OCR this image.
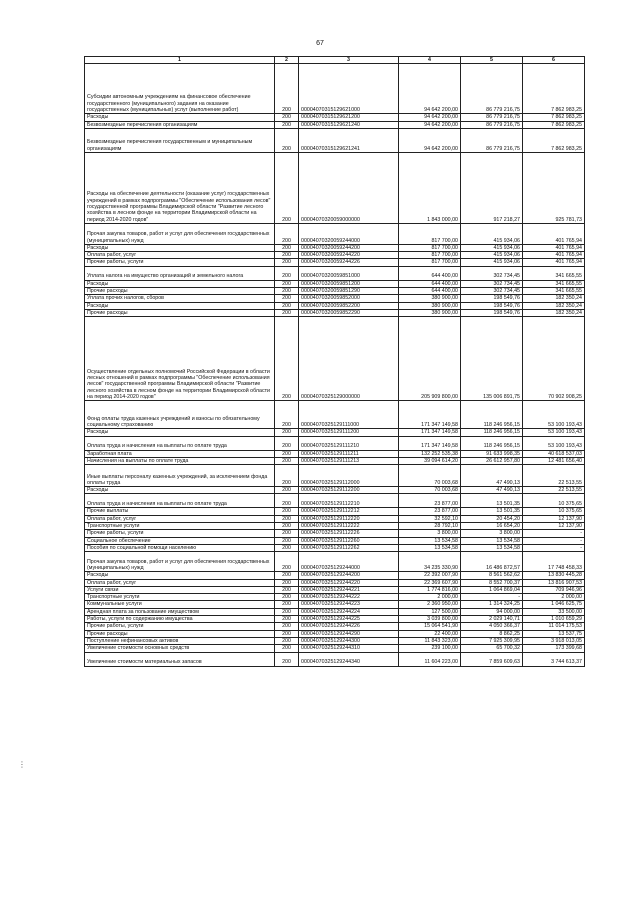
67
1	2	3	4	5	6
Субсидии автономным учреждениям на финансовое обеспечение государственного (муниципального) задания на оказание государственных (муниципальных) услуг (выполнение работ)	200	00004070315129621000	94 642 200,00	86 779 216,75	7 862 983,25
Расходы	200	00004070315129621200	94 642 200,00	86 779 216,75	7 862 983,25
Безвозмездные перечисления организациям	200	00004070315129621240	94 642 200,00	86 779 216,75	7 862 983,25
Безвозмездные перечисления государственным и муниципальным организациям	200	00004070315129621241	94 642 200,00	86 779 216,75	7 862 983,25
Расходы на обеспечение деятельности (оказание услуг) государственных учреждений в рамках подпрограммы "Обеспечение использования лесов" государственной программы Владимирской области "Развитие лесного хозяйства в лесном фонде на территории Владимирской области на период 2014-2020 годов"	200	00004070320059000000	1 843 000,00	917 218,27	925 781,73
Прочая закупка товаров, работ и услуг для обеспечения государственных (муниципальных) нужд	200	00004070320059244000	817 700,00	415 934,06	401 765,94
Расходы	200	00004070320059244200	817 700,00	415 934,06	401 765,94
Оплата работ, услуг	200	00004070320059244220	817 700,00	415 934,06	401 765,94
Прочие работы, услуги	200	00004070320059244226	817 700,00	415 934,06	401 765,94
Уплата налога на имущество организаций и земельного налога	200	00004070320059851000	644 400,00	302 734,45	341 665,55
Расходы	200	00004070320059851200	644 400,00	302 734,45	341 665,55
Прочие расходы	200	00004070320059851290	644 400,00	302 734,45	341 665,55
Уплата прочих налогов, сборов	200	00004070320059852000	380 900,00	198 549,76	182 350,24
Расходы	200	00004070320059852200	380 900,00	198 549,76	182 350,24
Прочие расходы	200	00004070320059852290	380 900,00	198 549,76	182 350,24
Осуществление отдельных полномочий Российской Федерации в области лесных отношений в рамках подпрограммы "Обеспечение использования лесов" государственной программы Владимирской области "Развитие лесного хозяйства в лесном фонде на территории Владимирской области на период 2014-2020 годов"	200	00004070325129000000	205 909 800,00	135 006 891,75	70 902 908,25
Фонд оплаты труда казенных учреждений и взносы по обязательному социальному страхованию	200	00004070325129111000	171 347 149,58	118 246 956,15	53 100 193,43
Расходы	200	00004070325129111200	171 347 149,58	118 246 956,15	53 100 193,43
Оплата труда и начисления на выплаты по оплате труда	200	00004070325129111210	171 347 149,58	118 246 956,15	53 100 193,43
Заработная плата	200	00004070325129111211	132 252 535,38	91 633 998,35	40 618 537,03
Начисления на выплаты по оплате труда	200	00004070325129111213	39 094 614,20	26 612 957,80	12 481 656,40
Иные выплаты персоналу казенных учреждений, за исключением фонда оплаты труда	200	00004070325129112000	70 003,68	47 490,13	22 513,55
Расходы	200	00004070325129112200	70 003,68	47 490,13	22 513,55
Оплата труда и начисления на выплаты по оплате труда	200	00004070325129112210	23 877,00	13 501,35	10 375,65
Прочие выплаты	200	00004070325129112212	23 877,00	13 501,35	10 375,65
Оплата работ, услуг	200	00004070325129112220	32 592,10	20 454,20	12 137,90
Транспортные услуги	200	00004070325129112222	28 792,10	16 654,20	12 137,90
Прочие работы, услуги	200	00004070325129112226	3 800,00	3 800,00	-
Социальное обеспечение	200	00004070325129112260	13 534,58	13 534,58	-
Пособия по социальной помощи населению	200	00004070325129112262	13 534,58	13 534,58	-
Прочая закупка товаров, работ и услуг для обеспечения государственных (муниципальных) нужд	200	00004070325129244000	34 235 330,90	16 486 872,57	17 748 458,33
Расходы	200	00004070325129244200	22 392 007,90	8 561 562,62	13 830 445,28
Оплата работ, услуг	200	00004070325129244220	22 369 607,90	8 552 700,37	13 816 907,53
Услуги связи	200	00004070325129244221	1 774 816,00	1 064 869,04	709 946,96
Транспортные услуги	200	00004070325129244222	2 000,00	-	2 000,00
Коммунальные услуги	200	00004070325129244223	2 360 950,00	1 314 324,25	1 046 625,75
Арендная плата за пользование имуществом	200	00004070325129244224	127 500,00	94 000,00	33 500,00
Работы, услуги по содержанию имущества	200	00004070325129244225	3 039 800,00	2 029 140,71	1 010 659,29
Прочие работы, услуги	200	00004070325129244226	15 064 541,90	4 050 366,37	11 014 175,53
Прочие расходы	200	00004070325129244290	22 400,00	8 862,25	13 537,75
Поступление нефинансовых активов	200	00004070325129244300	11 843 323,00	7 925 309,95	3 918 013,05
Увеличение стоимости основных средств	200	00004070325129244310	239 100,00	65 700,32	173 399,68
Увеличение стоимости материальных запасов	200	00004070325129244340	11 604 223,00	7 859 609,63	3 744 613,37
⋮
